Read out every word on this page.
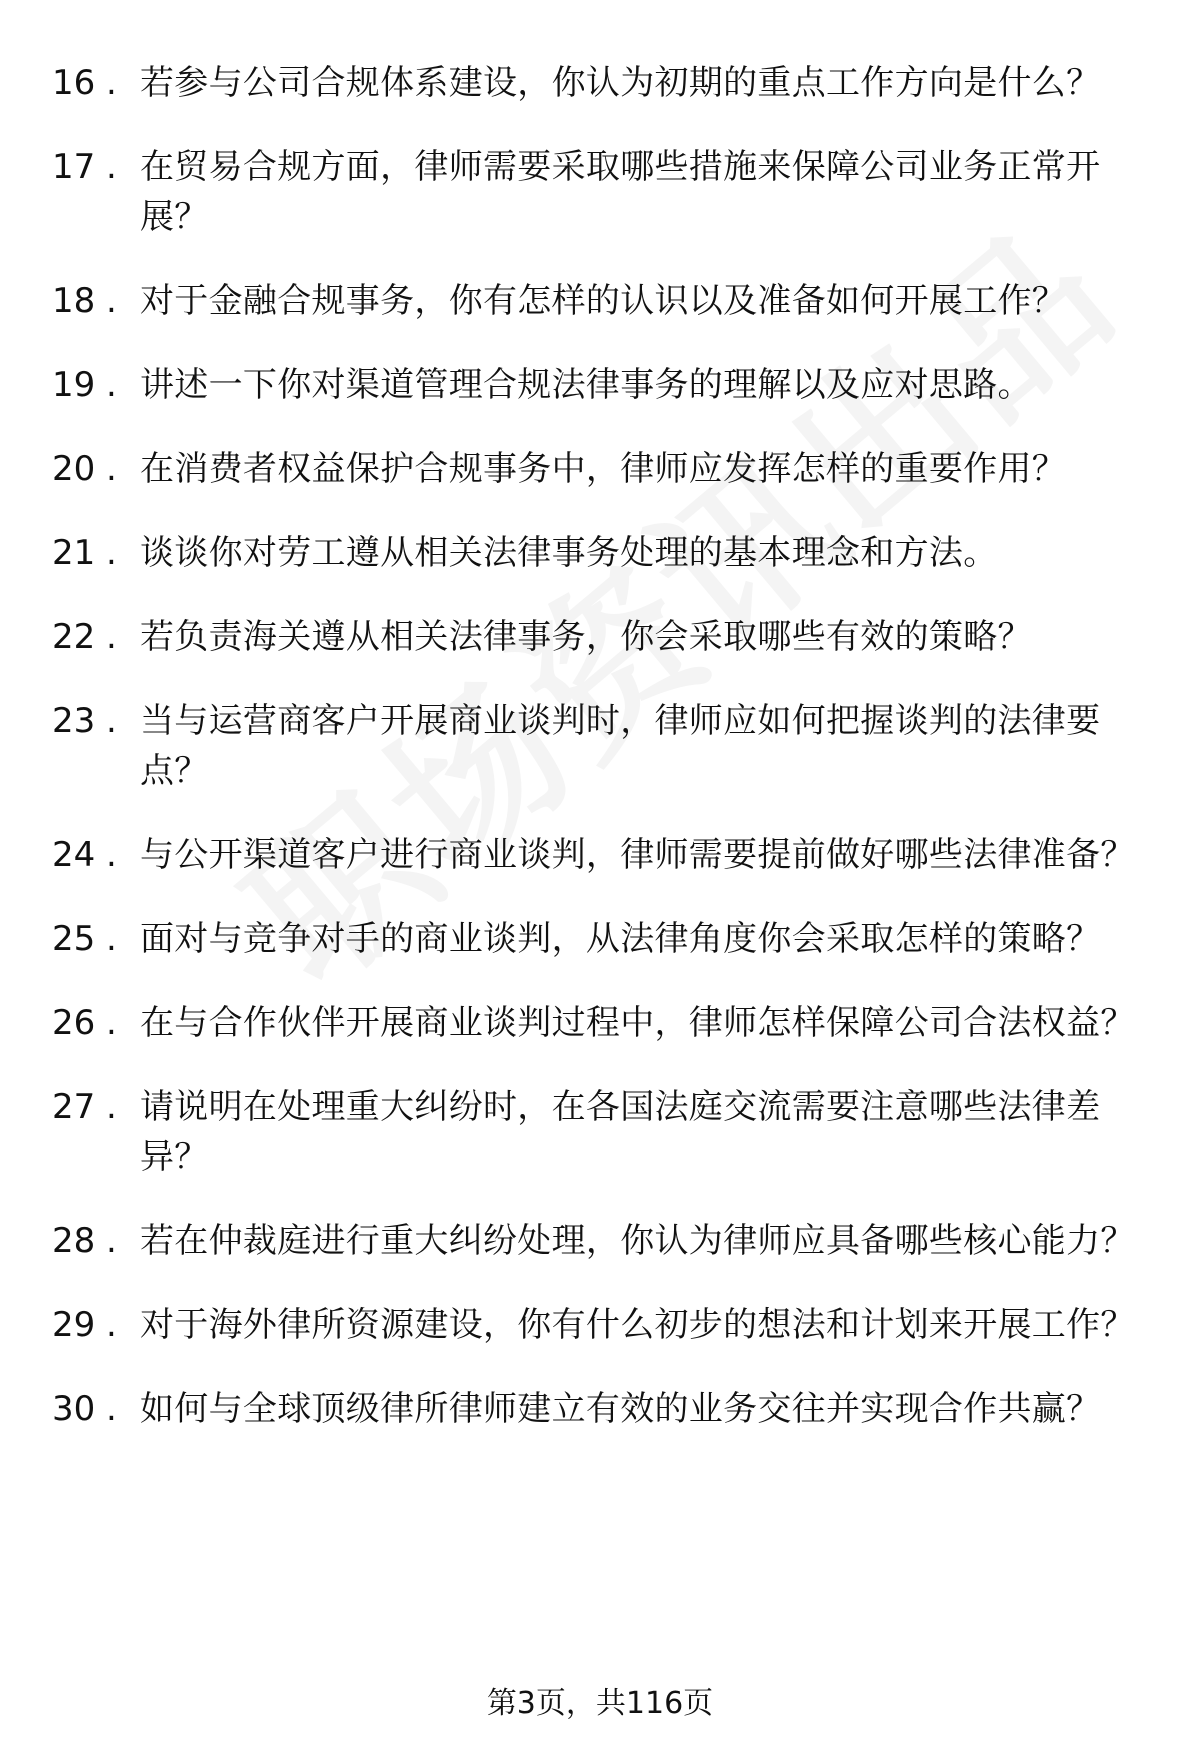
16 . 若参与公司合规体系建设，你认为初期的重点工作方向是什么？
17 . 在贸易合规方面，律师需要采取哪些措施来保障公司业务正常开展？
18 . 对于金融合规事务，你有怎样的认识以及准备如何开展工作？
19 . 讲述一下你对渠道管理合规法律事务的理解以及应对思路。
20 . 在消费者权益保护合规事务中，律师应发挥怎样的重要作用？
21 . 谈谈你对劳工遵从相关法律事务处理的基本理念和方法。
22 . 若负责海关遵从相关法律事务，你会采取哪些有效的策略？
23 . 当与运营商客户开展商业谈判时，律师应如何把握谈判的法律要点？
24 . 与公开渠道客户进行商业谈判，律师需要提前做好哪些法律准备？
25 . 面对与竞争对手的商业谈判，从法律角度你会采取怎样的策略？
26 . 在与合作伙伴开展商业谈判过程中，律师怎样保障公司合法权益？
27 . 请说明在处理重大纠纷时，在各国法庭交流需要注意哪些法律差异？
28 . 若在仲裁庭进行重大纠纷处理，你认为律师应具备哪些核心能力？
29 . 对于海外律所资源建设，你有什么初步的想法和计划来开展工作？
30 . 如何与全球顶级律所律师建立有效的业务交往并实现合作共赢？
第3页，共116页
